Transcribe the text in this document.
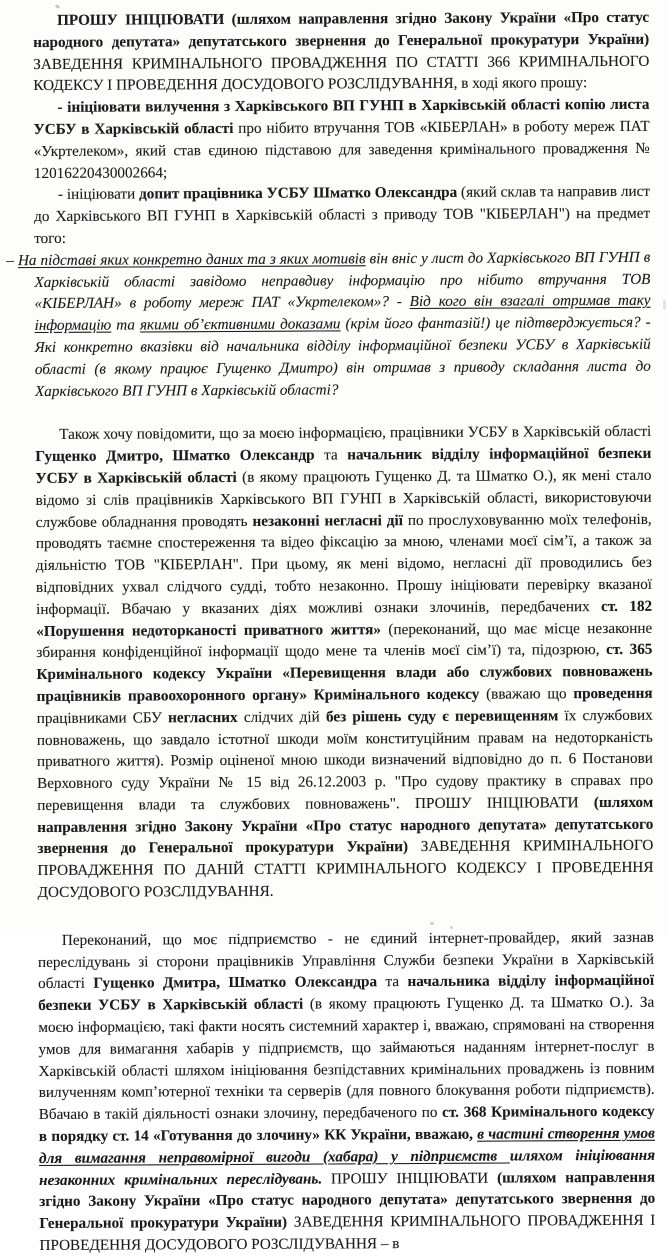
ПРОШУ ІНІЦІЮВАТИ (шляхом направлення згідно Закону України «Про статус народного депутата» депутатського звернення до Генеральної прокуратури України) ЗАВЕДЕННЯ КРИМІНАЛЬНОГО ПРОВАДЖЕННЯ ПО СТАТТІ 366 КРИМІНАЛЬНОГО КОДЕКСУ І ПРОВЕДЕННЯ ДОСУДОВОГО РОЗСЛІДУВАННЯ, в ході якого прошу:

- ініціювати вилучення з Харківського ВП ГУНП в Харківській області копію листа УСБУ в Харківській області про нібито втручання ТОВ «КІБЕРЛАН» в роботу мереж ПАТ «Укртелеком», який став єдиною підставою для заведення кримінального провадження № 12016220430002664;

- ініціювати допит працівника УСБУ Шматко Олександра (який склав та направив лист до Харківського ВП ГУНП в Харківській області з приводу ТОВ "КІБЕРЛАН") на предмет того:

– На підставі яких конкретно даних та з яких мотивів він вніс у лист до Харківського ВП ГУНП в Харківській області завідомо неправдиву інформацію про нібито втручання ТОВ «КІБЕРЛАН» в роботу мереж ПАТ «Укртелеком»? - Від кого він взагалі отримав таку інформацію та якими об’єктивними доказами (крім його фантазій!) це підтверджується? - Які конкретно вказівки від начальника відділу інформаційної безпеки УСБУ в Харківській області (в якому працює Гущенко Дмитро) він отримав з приводу складання листа до Харківського ВП ГУНП в Харківській області?

Також хочу повідомити, що за моєю інформацією, працівники УСБУ в Харківській області Гущенко Дмитро, Шматко Олександр та начальник відділу інформаційної безпеки УСБУ в Харківській області (в якому працюють Гущенко Д. та Шматко О.), як мені стало відомо зі слів працівників Харківського ВП ГУНП в Харківській області, використовуючи службове обладнання проводять незаконні негласні дії по прослуховуванню моїх телефонів, проводять таємне спостереження та відео фіксацію за мною, членами моєї сім’ї, а також за діяльністю ТОВ "КІБЕРЛАН". При цьому, як мені відомо, негласні дії проводились без відповідних ухвал слідчого судді, тобто незаконно. Прошу ініціювати перевірку вказаної інформації. Вбачаю у вказаних діях можливі ознаки злочинів, передбачених ст. 182 «Порушення недоторканості приватного життя» (переконаний, що має місце незаконне збирання конфіденційної інформації щодо мене та членів моєї сім’ї) та, підозрюю, ст. 365 Кримінального кодексу України «Перевищення влади або службових повноважень працівників правоохоронного органу» Кримінального кодексу (вважаю що проведення працівниками СБУ негласних слідчих дій без рішень суду є перевищенням їх службових повноважень, що завдало істотної шкоди моїм конституційним правам на недоторканість приватного життя). Розмір оціненої мною шкоди визначений відповідно до п. 6 Постанови Верховного суду України № 15 від 26.12.2003 р. "Про судову практику в справах про перевищення влади та службових повноважень". ПРОШУ ІНІЦІЮВАТИ (шляхом направлення згідно Закону України «Про статус народного депутата» депутатського звернення до Генеральної прокуратури України) ЗАВЕДЕННЯ КРИМІНАЛЬНОГО ПРОВАДЖЕННЯ ПО ДАНІЙ СТАТТІ КРИМІНАЛЬНОГО КОДЕКСУ І ПРОВЕДЕННЯ ДОСУДОВОГО РОЗСЛІДУВАННЯ.

Переконаний, що моє підприємство - не єдиний інтернет-провайдер, який зазнав переслідувань зі сторони працівників Управління Служби безпеки України в Харківській області Гущенко Дмитра, Шматко Олександра та начальника відділу інформаційної безпеки УСБУ в Харківській області (в якому працюють Гущенко Д. та Шматко О.). За моєю інформацією, такі факти носять системний характер і, вважаю, спрямовані на створення умов для вимагання хабарів у підприємств, що займаються наданням інтернет-послуг в Харківській області шляхом ініціювання безпідставних кримінальних проваджень із повним вилученням комп’ютерної техніки та серверів (для повного блокування роботи підприємств). Вбачаю в такій діяльності ознаки злочину, передбаченого по ст. 368 Кримінального кодексу в порядку ст. 14 «Готування до злочину» КК України, вважаю, в частині створення умов для вимагання неправомірної вигоди (хабара) у підприємств шляхом ініціювання незаконних кримінальних переслідувань. ПРОШУ ІНІЦІЮВАТИ (шляхом направлення згідно Закону України «Про статус народного депутата» депутатського звернення до Генеральної прокуратури України) ЗАВЕДЕННЯ КРИМІНАЛЬНОГО ПРОВАДЖЕННЯ І ПРОВЕДЕННЯ ДОСУДОВОГО РОЗСЛІДУВАННЯ – в
